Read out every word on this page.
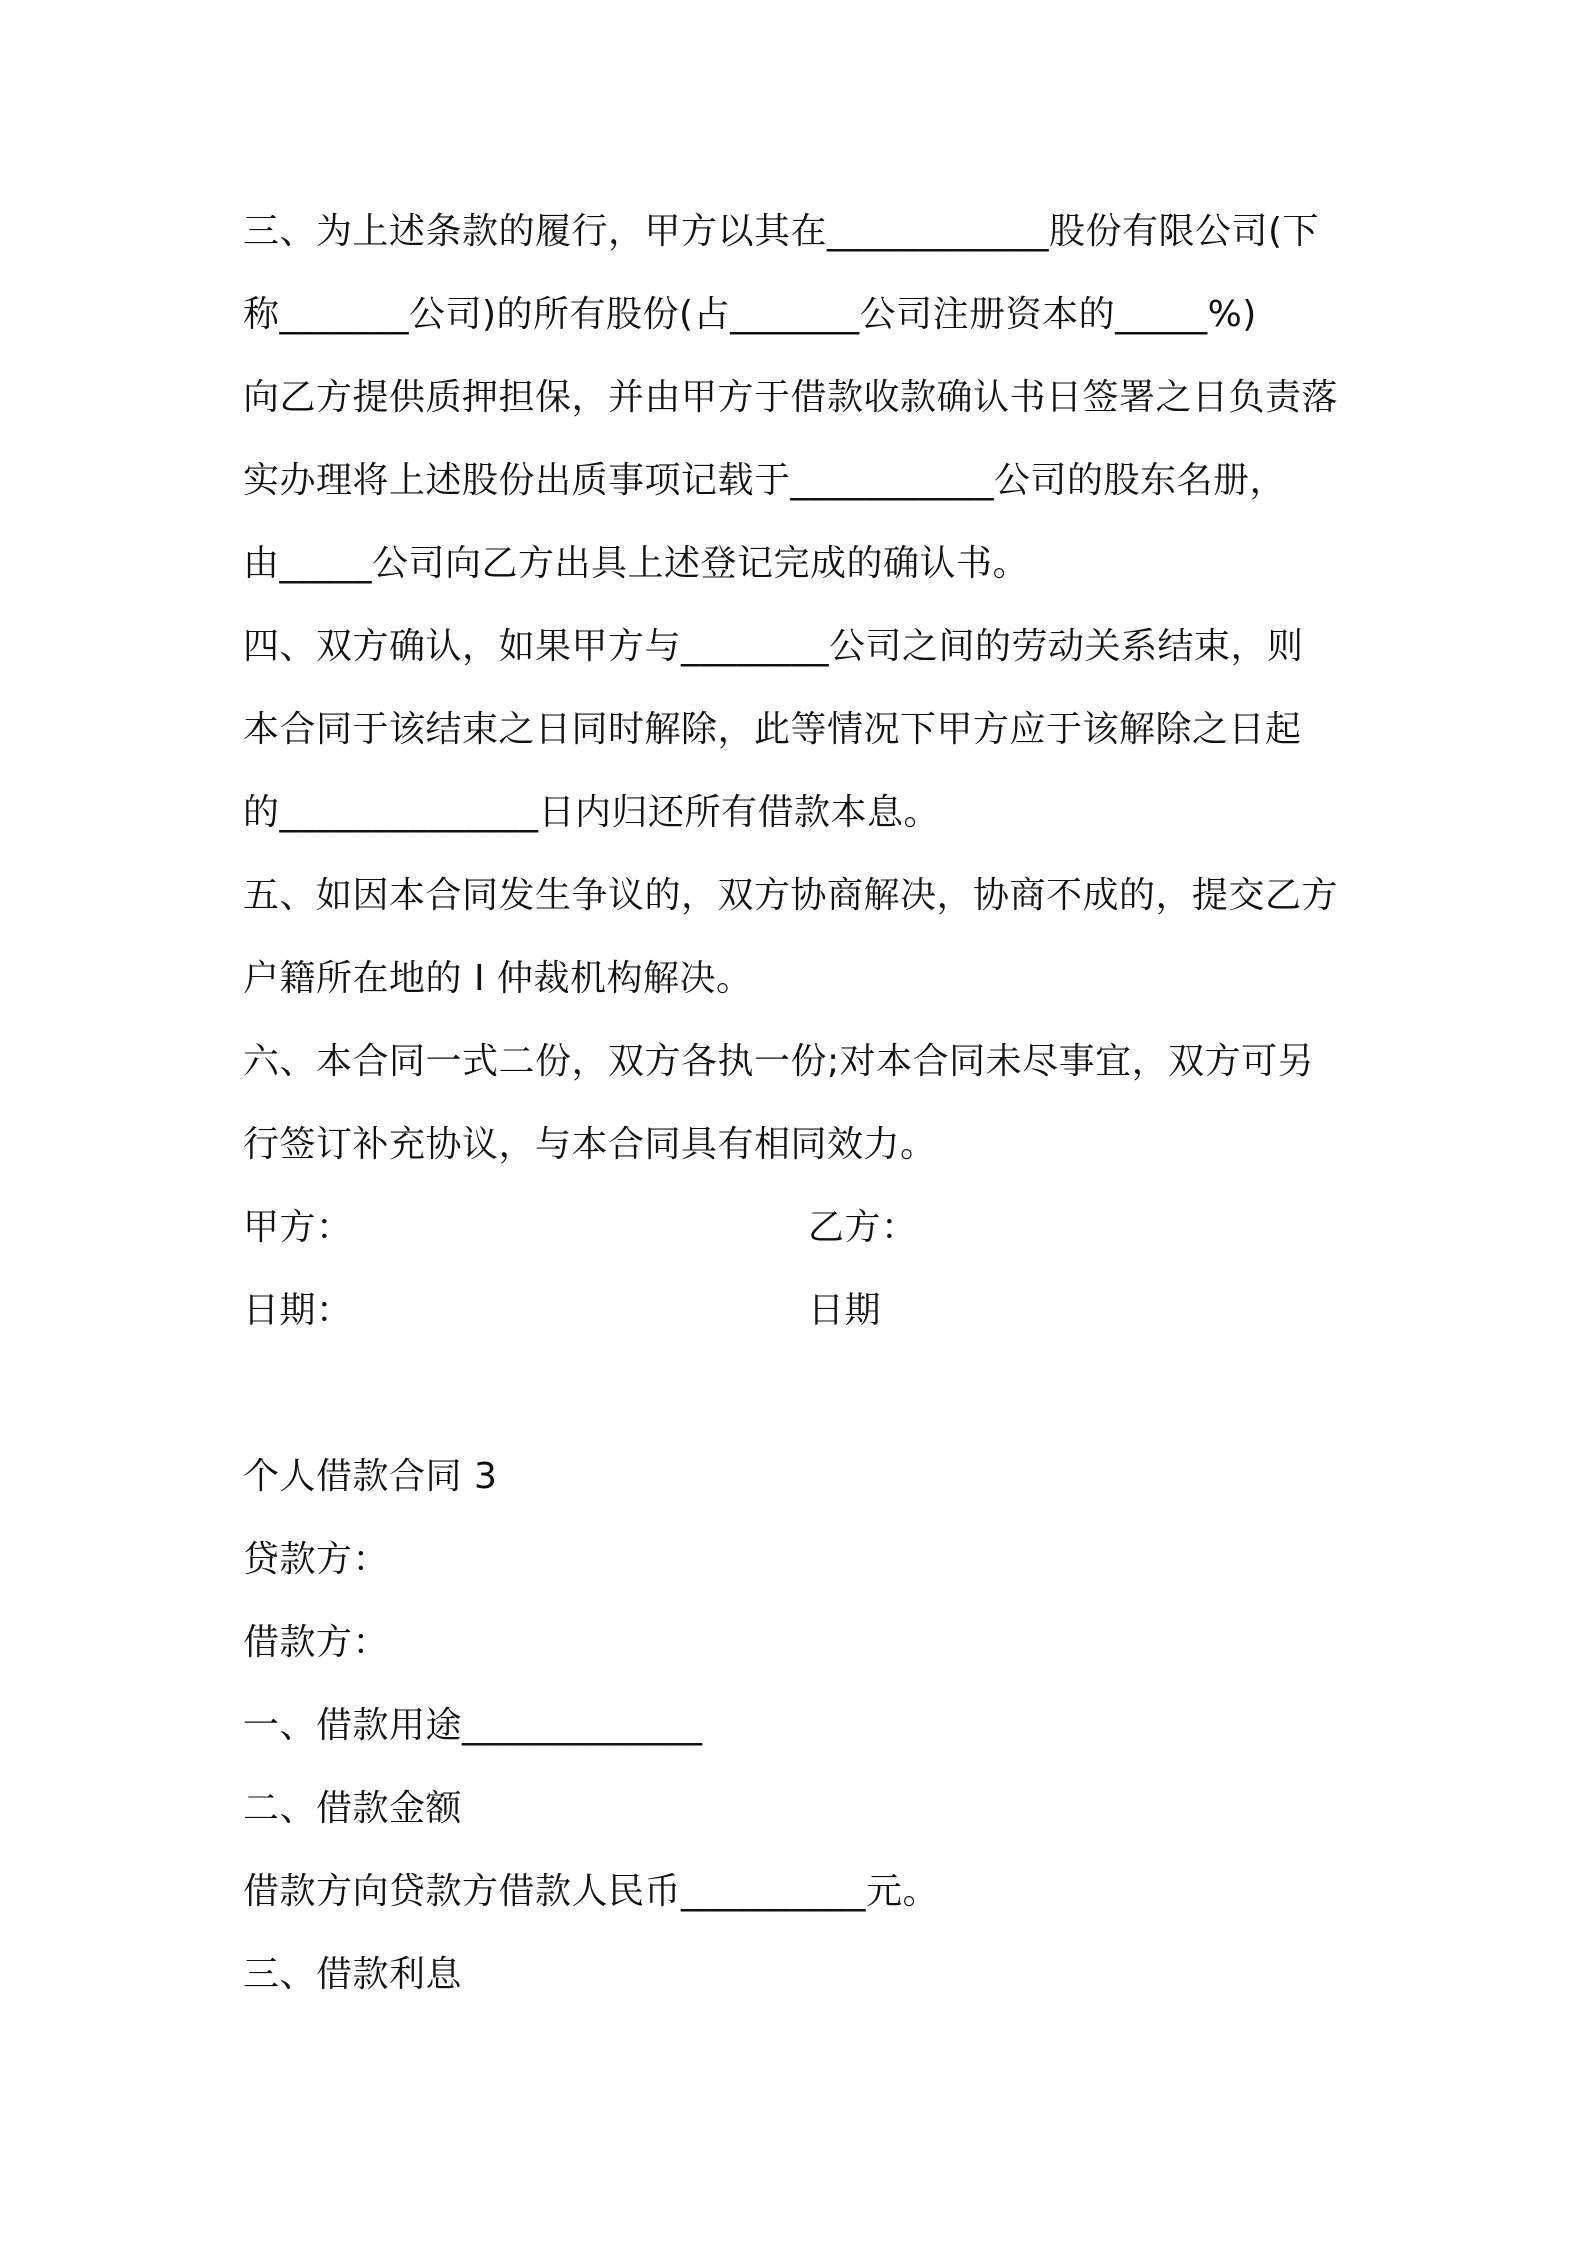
三、为上述条款的履行，甲方以其在____________股份有限公司(下
称_______公司)的所有股份(占_______公司注册资本的_____%)
向乙方提供质押担保，并由甲方于借款收款确认书日签署之日负责落
实办理将上述股份出质事项记载于___________公司的股东名册，
由_____公司向乙方出具上述登记完成的确认书。
四、双方确认，如果甲方与________公司之间的劳动关系结束，则
本合同于该结束之日同时解除，此等情况下甲方应于该解除之日起
的______________日内归还所有借款本息。
五、如因本合同发生争议的，双方协商解决，协商不成的，提交乙方
户籍所在地的 I 仲裁机构解决。
六、本合同一式二份，双方各执一份;对本合同未尽事宜，双方可另
行签订补充协议，与本合同具有相同效力。
甲方：	乙方：
日期：	日期
个人借款合同 3
贷款方：
借款方：
一、借款用途_____________
二、借款金额
借款方向贷款方借款人民币__________元。
三、借款利息
